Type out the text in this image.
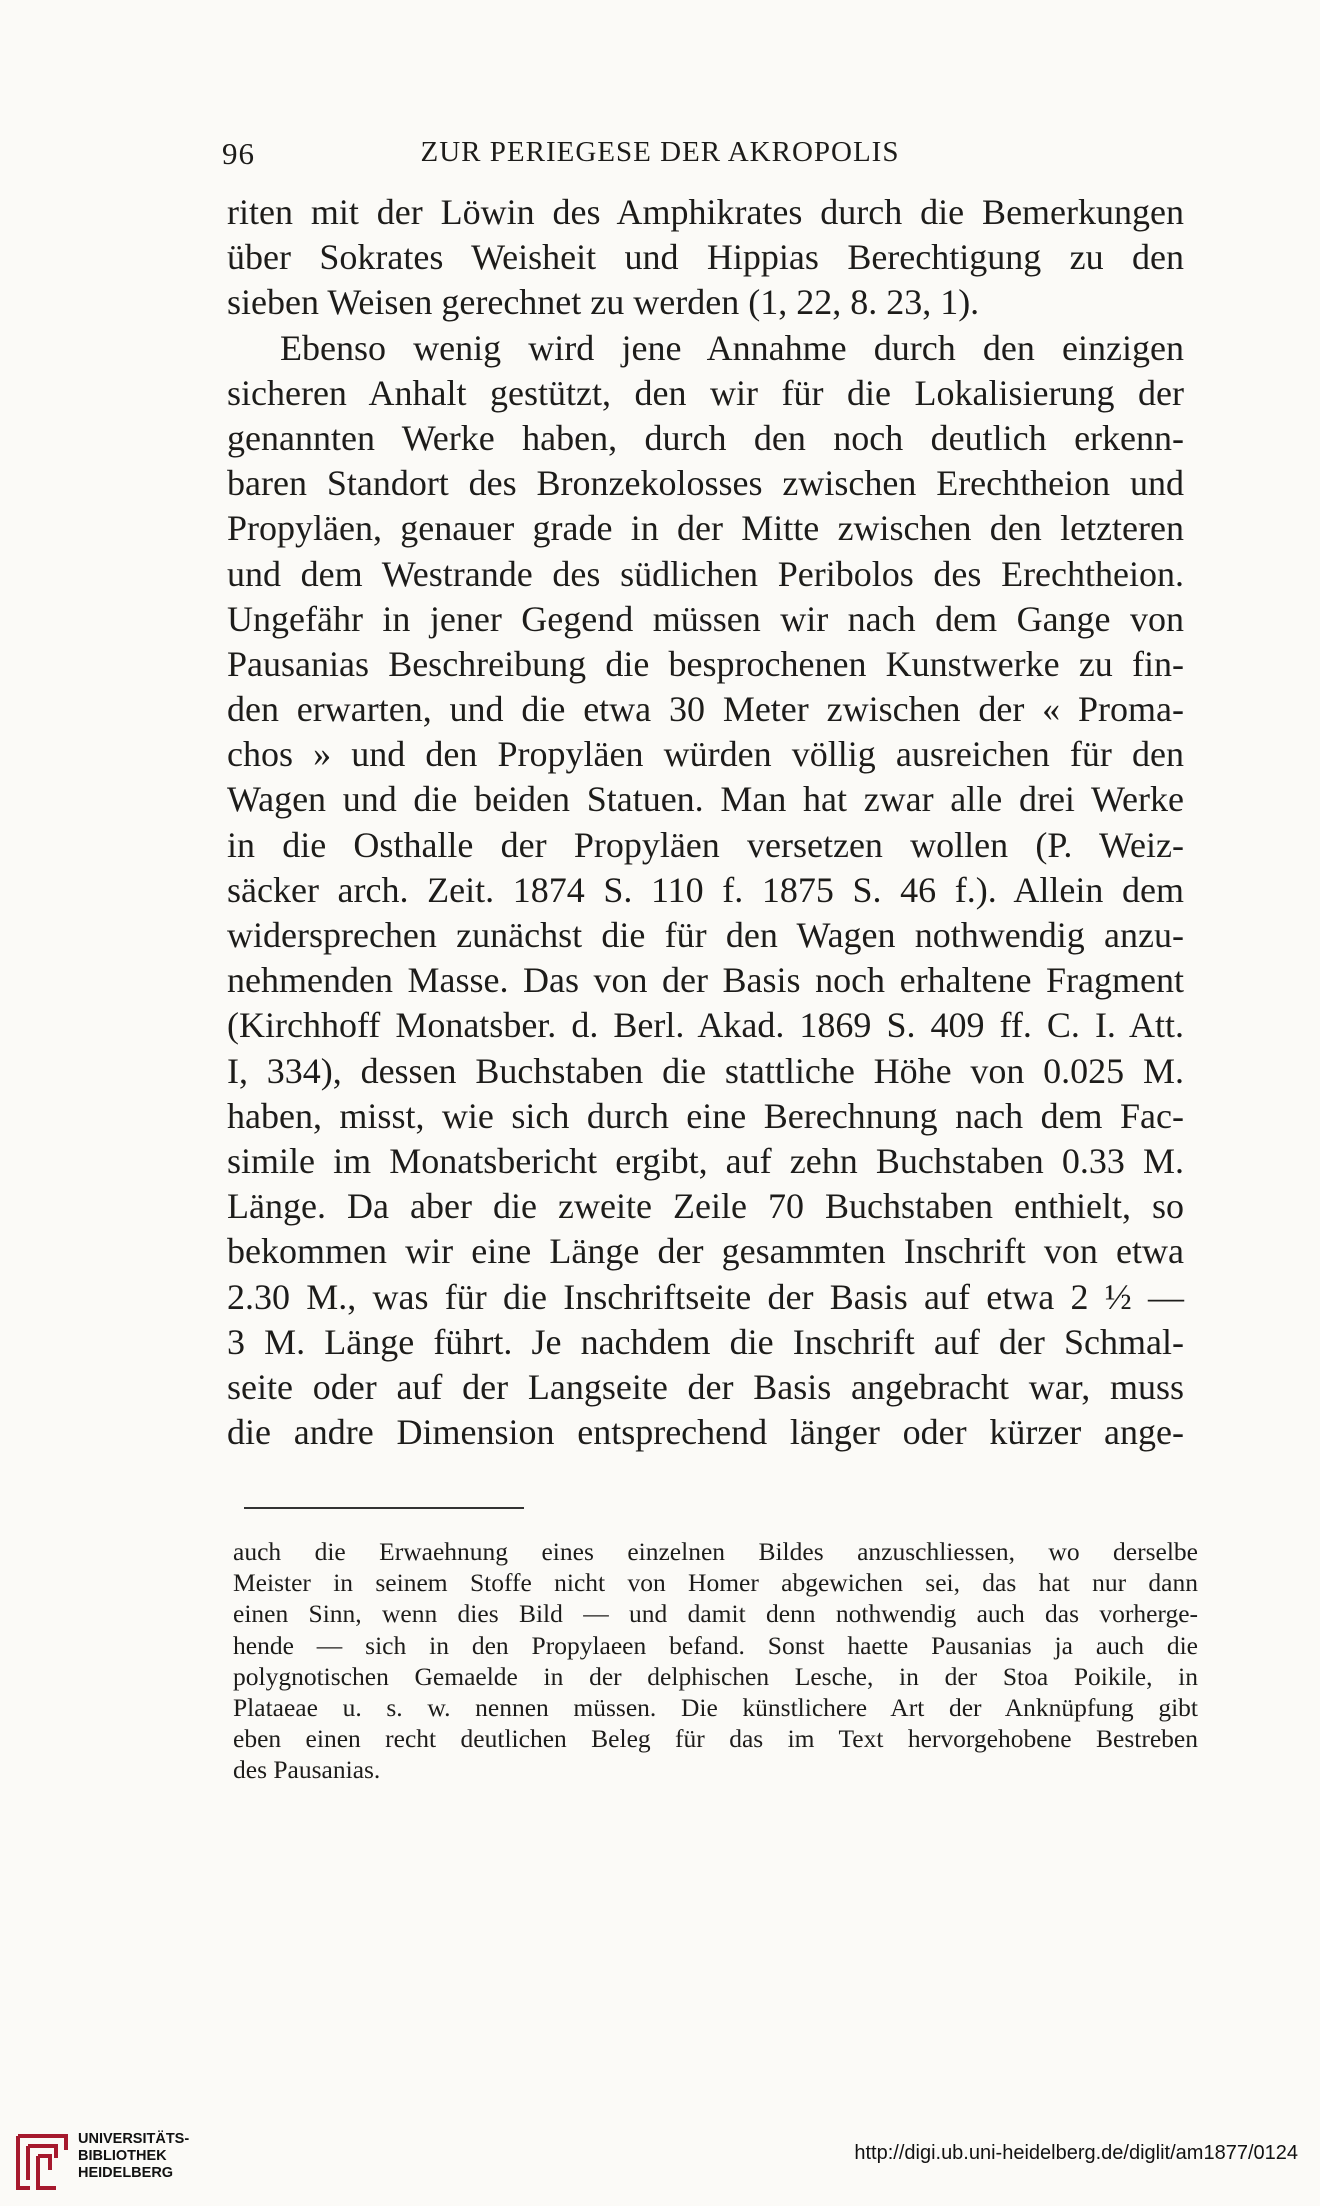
96	ZUR PERIEGESE DER AKROPOLIS
riten mit der Löwin des Amphikrates durch die Bemerkungen
über Sokrates Weisheit und Hippias Berechtigung zu den
sieben Weisen gerechnet zu werden (1, 22, 8. 23, 1).
Ebenso wenig wird jene Annahme durch den einzigen
sicheren Anhalt gestützt, den wir für die Lokalisierung der
genannten Werke haben, durch den noch deutlich erkenn-
baren Standort des Bronzekolosses zwischen Erechtheion und
Propyläen, genauer grade in der Mitte zwischen den letzteren
und dem Westrande des südlichen Peribolos des Erechtheion.
Ungefähr in jener Gegend müssen wir nach dem Gange von
Pausanias Beschreibung die besprochenen Kunstwerke zu fin-
den erwarten, und die etwa 30 Meter zwischen der « Proma-
chos » und den Propyläen würden völlig ausreichen für den
Wagen und die beiden Statuen. Man hat zwar alle drei Werke
in die Osthalle der Propyläen versetzen wollen (P. Weiz-
säcker arch. Zeit. 1874 S. 110 f. 1875 S. 46 f.). Allein dem
widersprechen zunächst die für den Wagen nothwendig anzu-
nehmenden Masse. Das von der Basis noch erhaltene Fragment
(Kirchhoff Monatsber. d. Berl. Akad. 1869 S. 409 ff. C. I. Att.
I, 334), dessen Buchstaben die stattliche Höhe von 0.025 M.
haben, misst, wie sich durch eine Berechnung nach dem Fac-
simile im Monatsbericht ergibt, auf zehn Buchstaben 0.33 M.
Länge. Da aber die zweite Zeile 70 Buchstaben enthielt, so
bekommen wir eine Länge der gesammten Inschrift von etwa
2.30 M., was für die Inschriftseite der Basis auf etwa 2 ½ —
3 M. Länge führt. Je nachdem die Inschrift auf der Schmal-
seite oder auf der Langseite der Basis angebracht war, muss
die andre Dimension entsprechend länger oder kürzer ange-
auch die Erwaehnung eines einzelnen Bildes anzuschliessen, wo derselbe
Meister in seinem Stoffe nicht von Homer abgewichen sei, das hat nur dann
einen Sinn, wenn dies Bild — und damit denn nothwendig auch das vorherge-
hende — sich in den Propylaeen befand. Sonst haette Pausanias ja auch die
polygnotischen Gemaelde in der delphischen Lesche, in der Stoa Poikile, in
Plataeae u. s. w. nennen müssen. Die künstlichere Art der Anknüpfung gibt
eben einen recht deutlichen Beleg für das im Text hervorgehobene Bestreben
des Pausanias.
UNIVERSITÄTS-
BIBLIOTHEK
HEIDELBERG
http://digi.ub.uni-heidelberg.de/diglit/am1877/0124
